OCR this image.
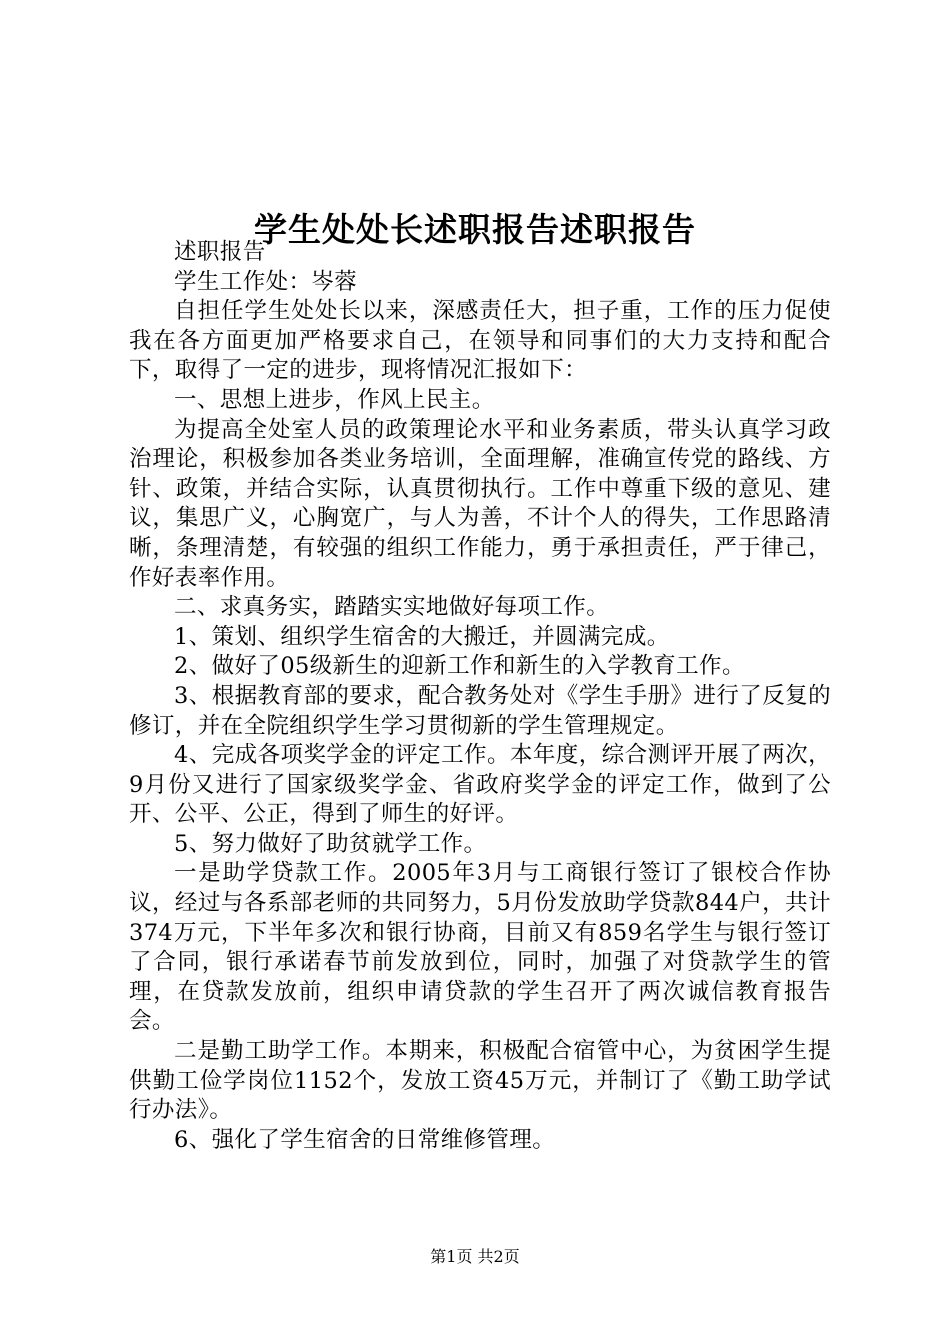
学生处处长述职报告述职报告

述职报告

学生工作处：岑蓉

自担任学生处处长以来，深感责任大，担子重，工作的压力促使我在各方面更加严格要求自己，在领导和同事们的大力支持和配合下，取得了一定的进步，现将情况汇报如下：

一、思想上进步，作风上民主。

为提高全处室人员的政策理论水平和业务素质，带头认真学习政治理论，积极参加各类业务培训，全面理解，准确宣传党的路线、方针、政策，并结合实际，认真贯彻执行。工作中尊重下级的意见、建议，集思广义，心胸宽广，与人为善，不计个人的得失，工作思路清晰，条理清楚，有较强的组织工作能力，勇于承担责任，严于律己，作好表率作用。

二、求真务实，踏踏实实地做好每项工作。

1、策划、组织学生宿舍的大搬迁，并圆满完成。

2、做好了05级新生的迎新工作和新生的入学教育工作。

3、根据教育部的要求，配合教务处对《学生手册》进行了反复的修订，并在全院组织学生学习贯彻新的学生管理规定。

4、完成各项奖学金的评定工作。本年度，综合测评开展了两次，9月份又进行了国家级奖学金、省政府奖学金的评定工作，做到了公开、公平、公正，得到了师生的好评。

5、努力做好了助贫就学工作。

一是助学贷款工作。2005年3月与工商银行签订了银校合作协议，经过与各系部老师的共同努力，5月份发放助学贷款844户，共计374万元，下半年多次和银行协商，目前又有859名学生与银行签订了合同，银行承诺春节前发放到位，同时，加强了对贷款学生的管理，在贷款发放前，组织申请贷款的学生召开了两次诚信教育报告会。

二是勤工助学工作。本期来，积极配合宿管中心，为贫困学生提供勤工俭学岗位1152个，发放工资45万元，并制订了《勤工助学试行办法》。

6、强化了学生宿舍的日常维修管理。

第1页 共2页
